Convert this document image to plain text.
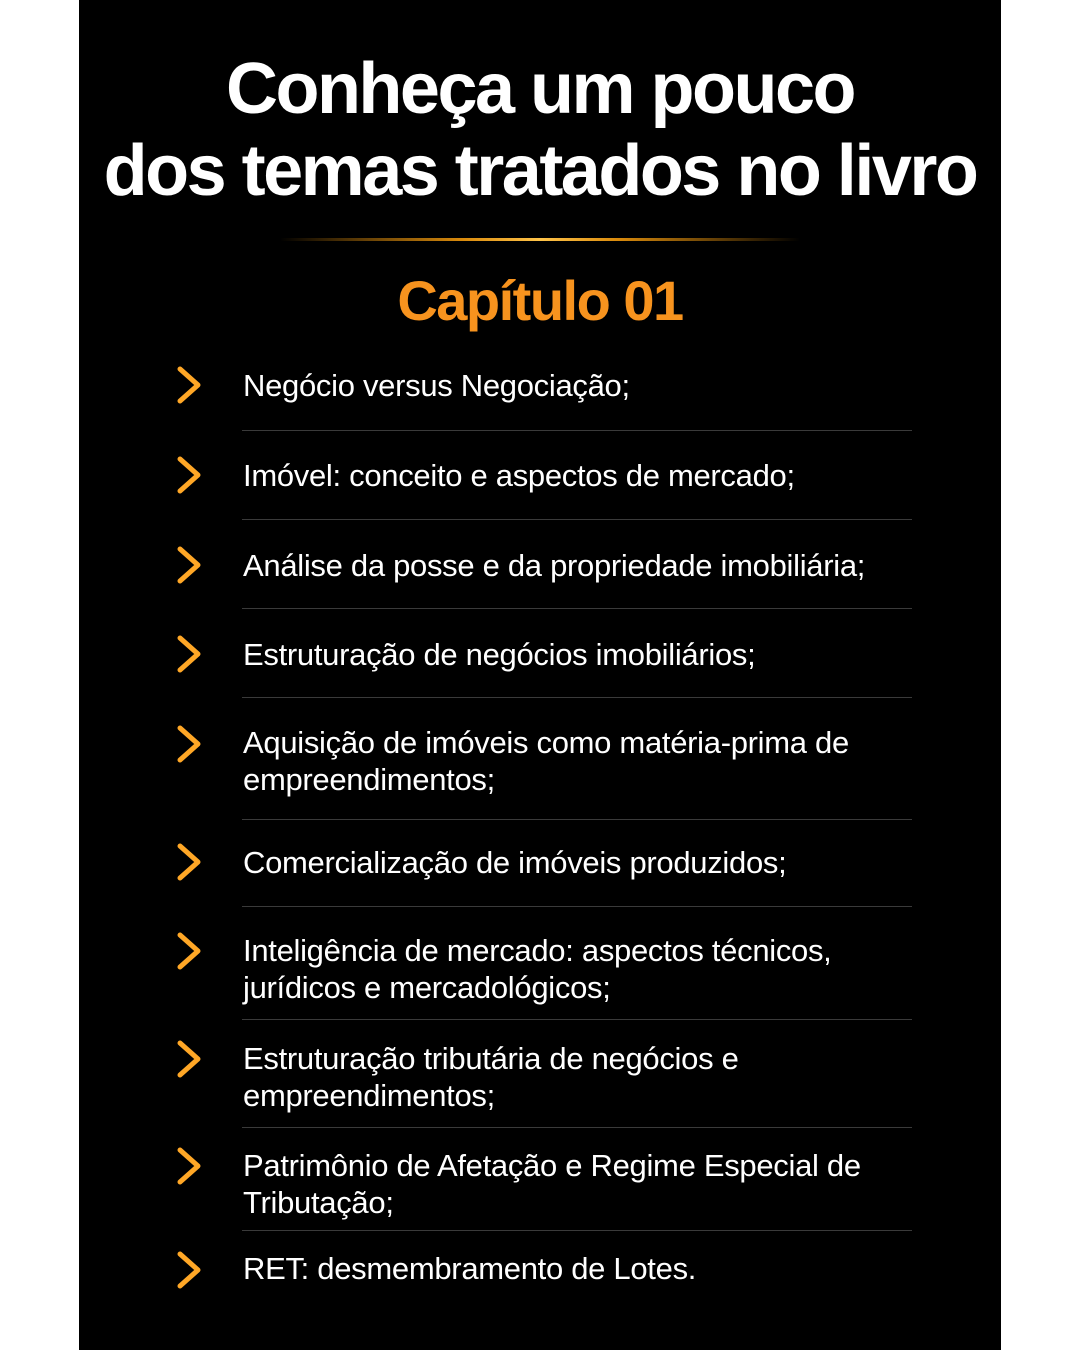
Conheça um pouco
dos temas tratados no livro
Capítulo 01
Negócio versus Negociação;
Imóvel: conceito e aspectos de mercado;
Análise da posse e da propriedade imobiliária;
Estruturação de negócios imobiliários;
Aquisição de imóveis como matéria-prima de empreendimentos;
Comercialização de imóveis produzidos;
Inteligência de mercado: aspectos técnicos, jurídicos e mercadológicos;
Estruturação tributária de negócios e empreendimentos;
Patrimônio de Afetação e Regime Especial de Tributação;
RET: desmembramento de Lotes.
